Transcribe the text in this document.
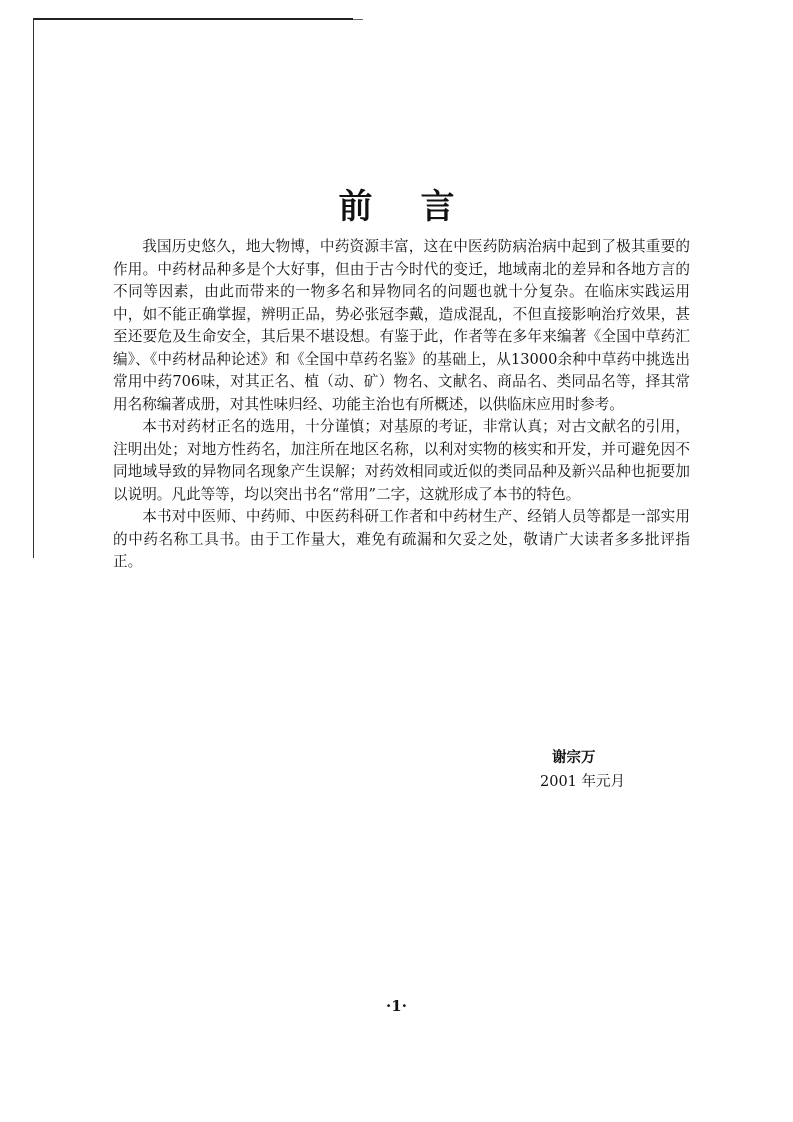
前 言

我国历史悠久，地大物博，中药资源丰富，这在中医药防病治病中起到了极其重要的作用。中药材品种多是个大好事，但由于古今时代的变迁，地域南北的差异和各地方言的不同等因素，由此而带来的一物多名和异物同名的问题也就十分复杂。在临床实践运用中，如不能正确掌握，辨明正品，势必张冠李戴，造成混乱，不但直接影响治疗效果，甚至还要危及生命安全，其后果不堪设想。有鉴于此，作者等在多年来编著《全国中草药汇编》、《中药材品种论述》和《全国中草药名鉴》的基础上，从13000余种中草药中挑选出常用中药706味，对其正名、植（动、矿）物名、文献名、商品名、类同品名等，择其常用名称编著成册，对其性味归经、功能主治也有所概述，以供临床应用时参考。

本书对药材正名的选用，十分谨慎；对基原的考证，非常认真；对古文献名的引用，注明出处；对地方性药名，加注所在地区名称，以利对实物的核实和开发，并可避免因不同地域导致的异物同名现象产生误解；对药效相同或近似的类同品种及新兴品种也扼要加以说明。凡此等等，均以突出书名“常用”二字，这就形成了本书的特色。

本书对中医师、中药师、中医药科研工作者和中药材生产、经销人员等都是一部实用的中药名称工具书。由于工作量大，难免有疏漏和欠妥之处，敬请广大读者多多批评指正。

谢宗万
2001 年元月
·1·
